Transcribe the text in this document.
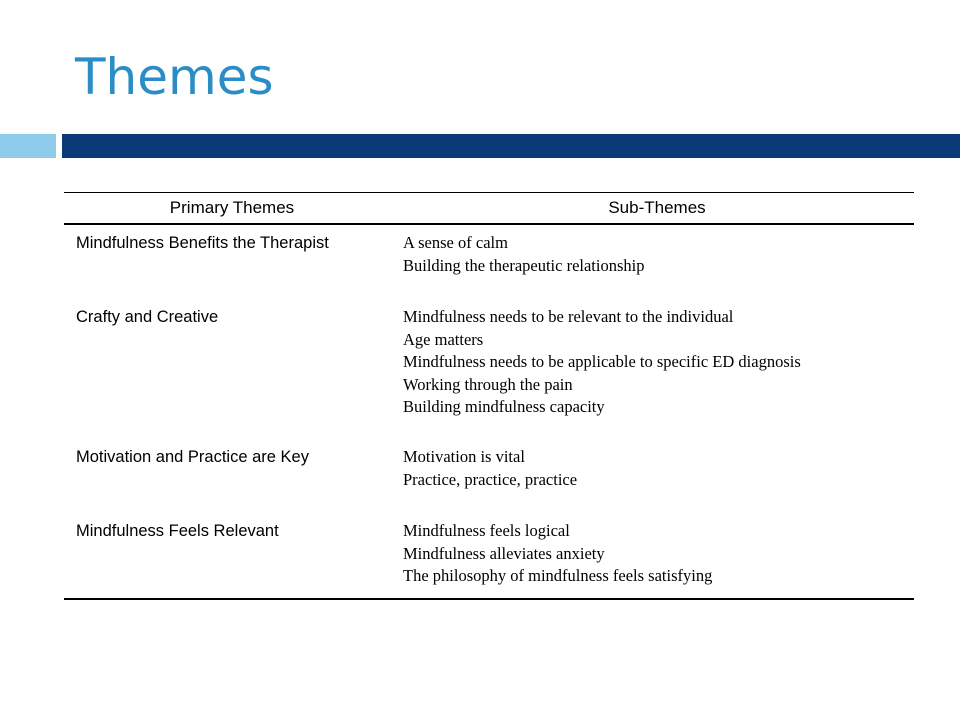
Themes
Primary Themes	Sub-Themes
Mindfulness Benefits the Therapist	A sense of calm
Building the therapeutic relationship

Crafty and Creative	Mindfulness needs to be relevant to the individual
Age matters
Mindfulness needs to be applicable to specific ED diagnosis
Working through the pain
Building mindfulness capacity

Motivation and Practice are Key	Motivation is vital
Practice, practice, practice

Mindfulness Feels Relevant	Mindfulness feels logical
Mindfulness alleviates anxiety
The philosophy of mindfulness feels satisfying
